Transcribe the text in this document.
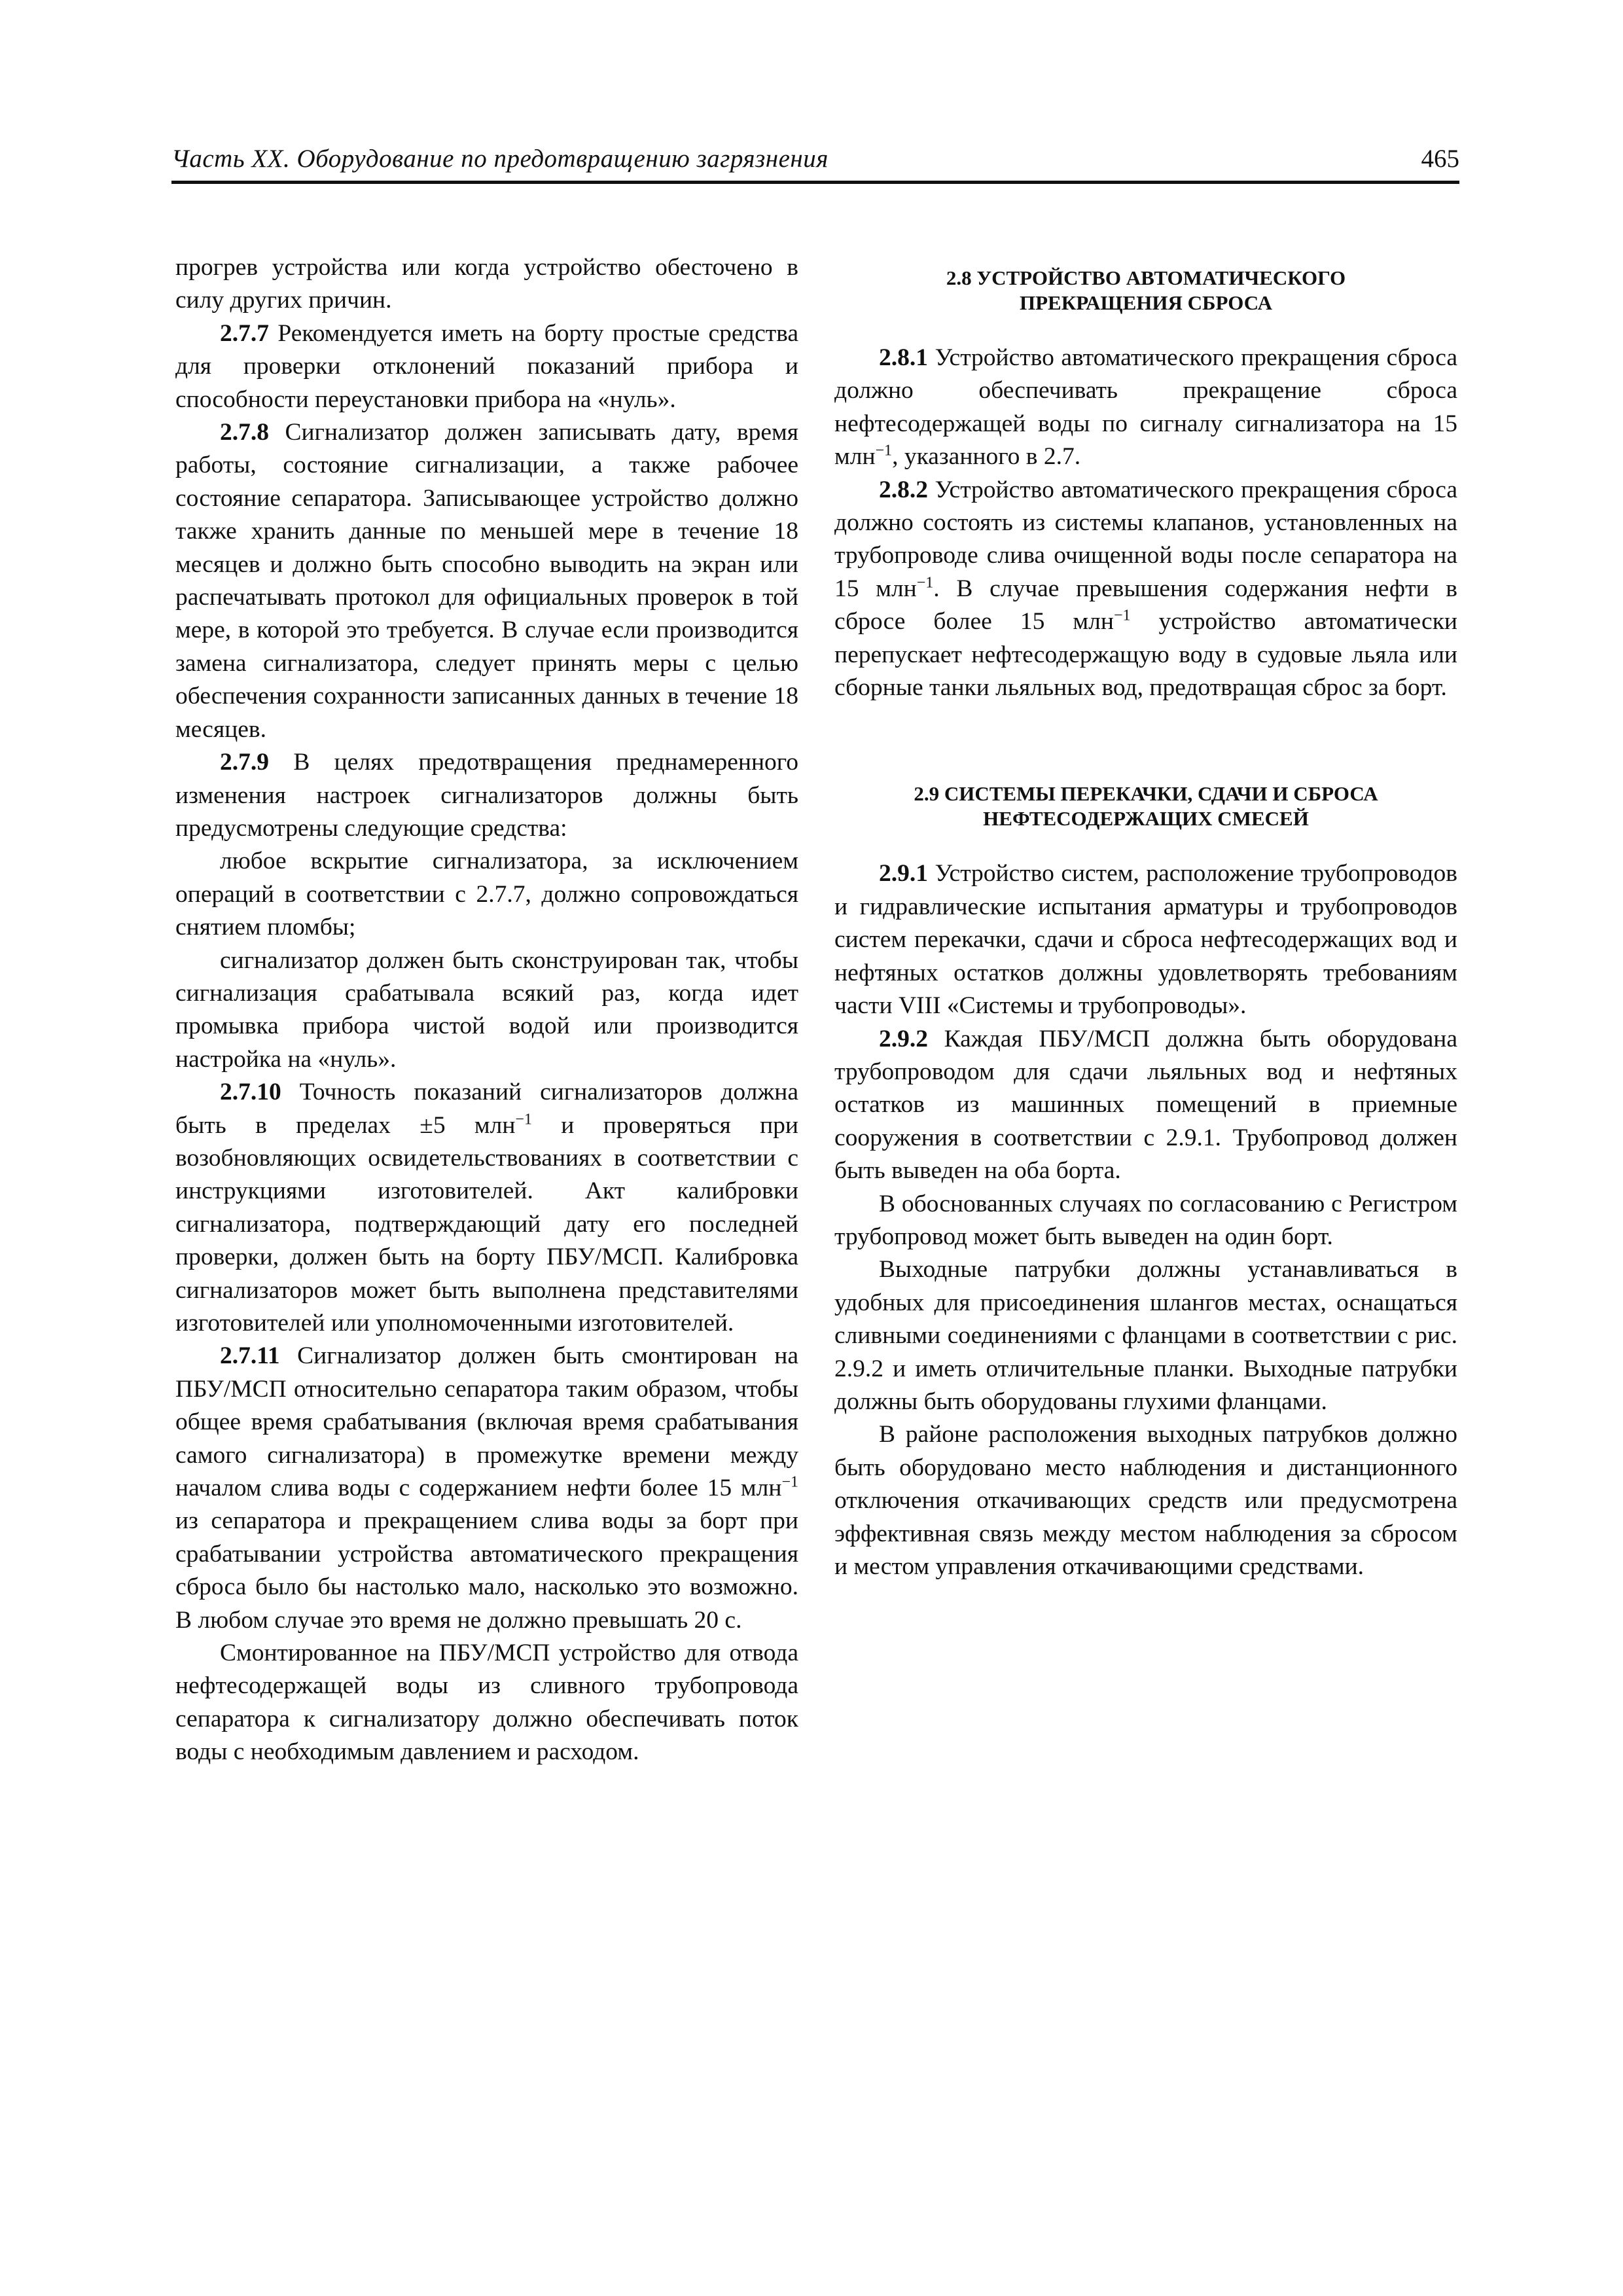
Часть XX. Оборудование по предотвращению загрязнения	465

прогрев устройства или когда устройство обесточено в силу других причин.

2.7.7 Рекомендуется иметь на борту простые средства для проверки отклонений показаний прибора и способности переустановки прибора на «нуль».

2.7.8 Сигнализатор должен записывать дату, время работы, состояние сигнализации, а также рабочее состояние сепаратора. Записывающее устройство должно также хранить данные по меньшей мере в течение 18 месяцев и должно быть способно выводить на экран или распечатывать протокол для официальных проверок в той мере, в которой это требуется. В случае если производится замена сигнализатора, следует принять меры с целью обеспечения сохранности записанных данных в течение 18 месяцев.

2.7.9 В целях предотвращения преднамеренного изменения настроек сигнализаторов должны быть предусмотрены следующие средства:

любое вскрытие сигнализатора, за исключением операций в соответствии с 2.7.7, должно сопровождаться снятием пломбы;

сигнализатор должен быть сконструирован так, чтобы сигнализация срабатывала всякий раз, когда идет промывка прибора чистой водой или производится настройка на «нуль».

2.7.10 Точность показаний сигнализаторов должна быть в пределах ±5 млн$^{-1}$ и проверяться при возобновляющих освидетельствованиях в соответствии с инструкциями изготовителей. Акт калибровки сигнализатора, подтверждающий дату его последней проверки, должен быть на борту ПБУ/МСП. Калибровка сигнализаторов может быть выполнена представителями изготовителей или уполномоченными изготовителей.

2.7.11 Сигнализатор должен быть смонтирован на ПБУ/МСП относительно сепаратора таким образом, чтобы общее время срабатывания (включая время срабатывания самого сигнализатора) в промежутке времени между началом слива воды с содержанием нефти более 15 млн$^{-1}$ из сепаратора и прекращением слива воды за борт при срабатывании устройства автоматического прекращения сброса было бы настолько мало, насколько это возможно. В любом случае это время не должно превышать 20 с.

Смонтированное на ПБУ/МСП устройство для отвода нефтесодержащей воды из сливного трубопровода сепаратора к сигнализатору должно обеспечивать поток воды с необходимым давлением и расходом.

2.8 УСТРОЙСТВО АВТОМАТИЧЕСКОГО
ПРЕКРАЩЕНИЯ СБРОСА

2.8.1 Устройство автоматического прекращения сброса должно обеспечивать прекращение сброса нефтесодержащей воды по сигналу сигнализатора на 15 млн$^{-1}$, указанного в 2.7.

2.8.2 Устройство автоматического прекращения сброса должно состоять из системы клапанов, установленных на трубопроводе слива очищенной воды после сепаратора на 15 млн$^{-1}$. В случае превышения содержания нефти в сбросе более 15 млн$^{-1}$ устройство автоматически перепускает нефтесодержащую воду в судовые льяла или сборные танки льяльных вод, предотвращая сброс за борт.

2.9 СИСТЕМЫ ПЕРЕКАЧКИ, СДАЧИ И СБРОСА
НЕФТЕСОДЕРЖАЩИХ СМЕСЕЙ

2.9.1 Устройство систем, расположение трубопроводов и гидравлические испытания арматуры и трубопроводов систем перекачки, сдачи и сброса нефтесодержащих вод и нефтяных остатков должны удовлетворять требованиям части VIII «Системы и трубопроводы».

2.9.2 Каждая ПБУ/МСП должна быть оборудована трубопроводом для сдачи льяльных вод и нефтяных остатков из машинных помещений в приемные сооружения в соответствии с 2.9.1. Трубопровод должен быть выведен на оба борта.

В обоснованных случаях по согласованию с Регистром трубопровод может быть выведен на один борт.

Выходные патрубки должны устанавливаться в удобных для присоединения шлангов местах, оснащаться сливными соединениями с фланцами в соответствии с рис. 2.9.2 и иметь отличительные планки. Выходные патрубки должны быть оборудованы глухими фланцами.

В районе расположения выходных патрубков должно быть оборудовано место наблюдения и дистанционного отключения откачивающих средств или предусмотрена эффективная связь между местом наблюдения за сбросом и местом управления откачивающими средствами.
